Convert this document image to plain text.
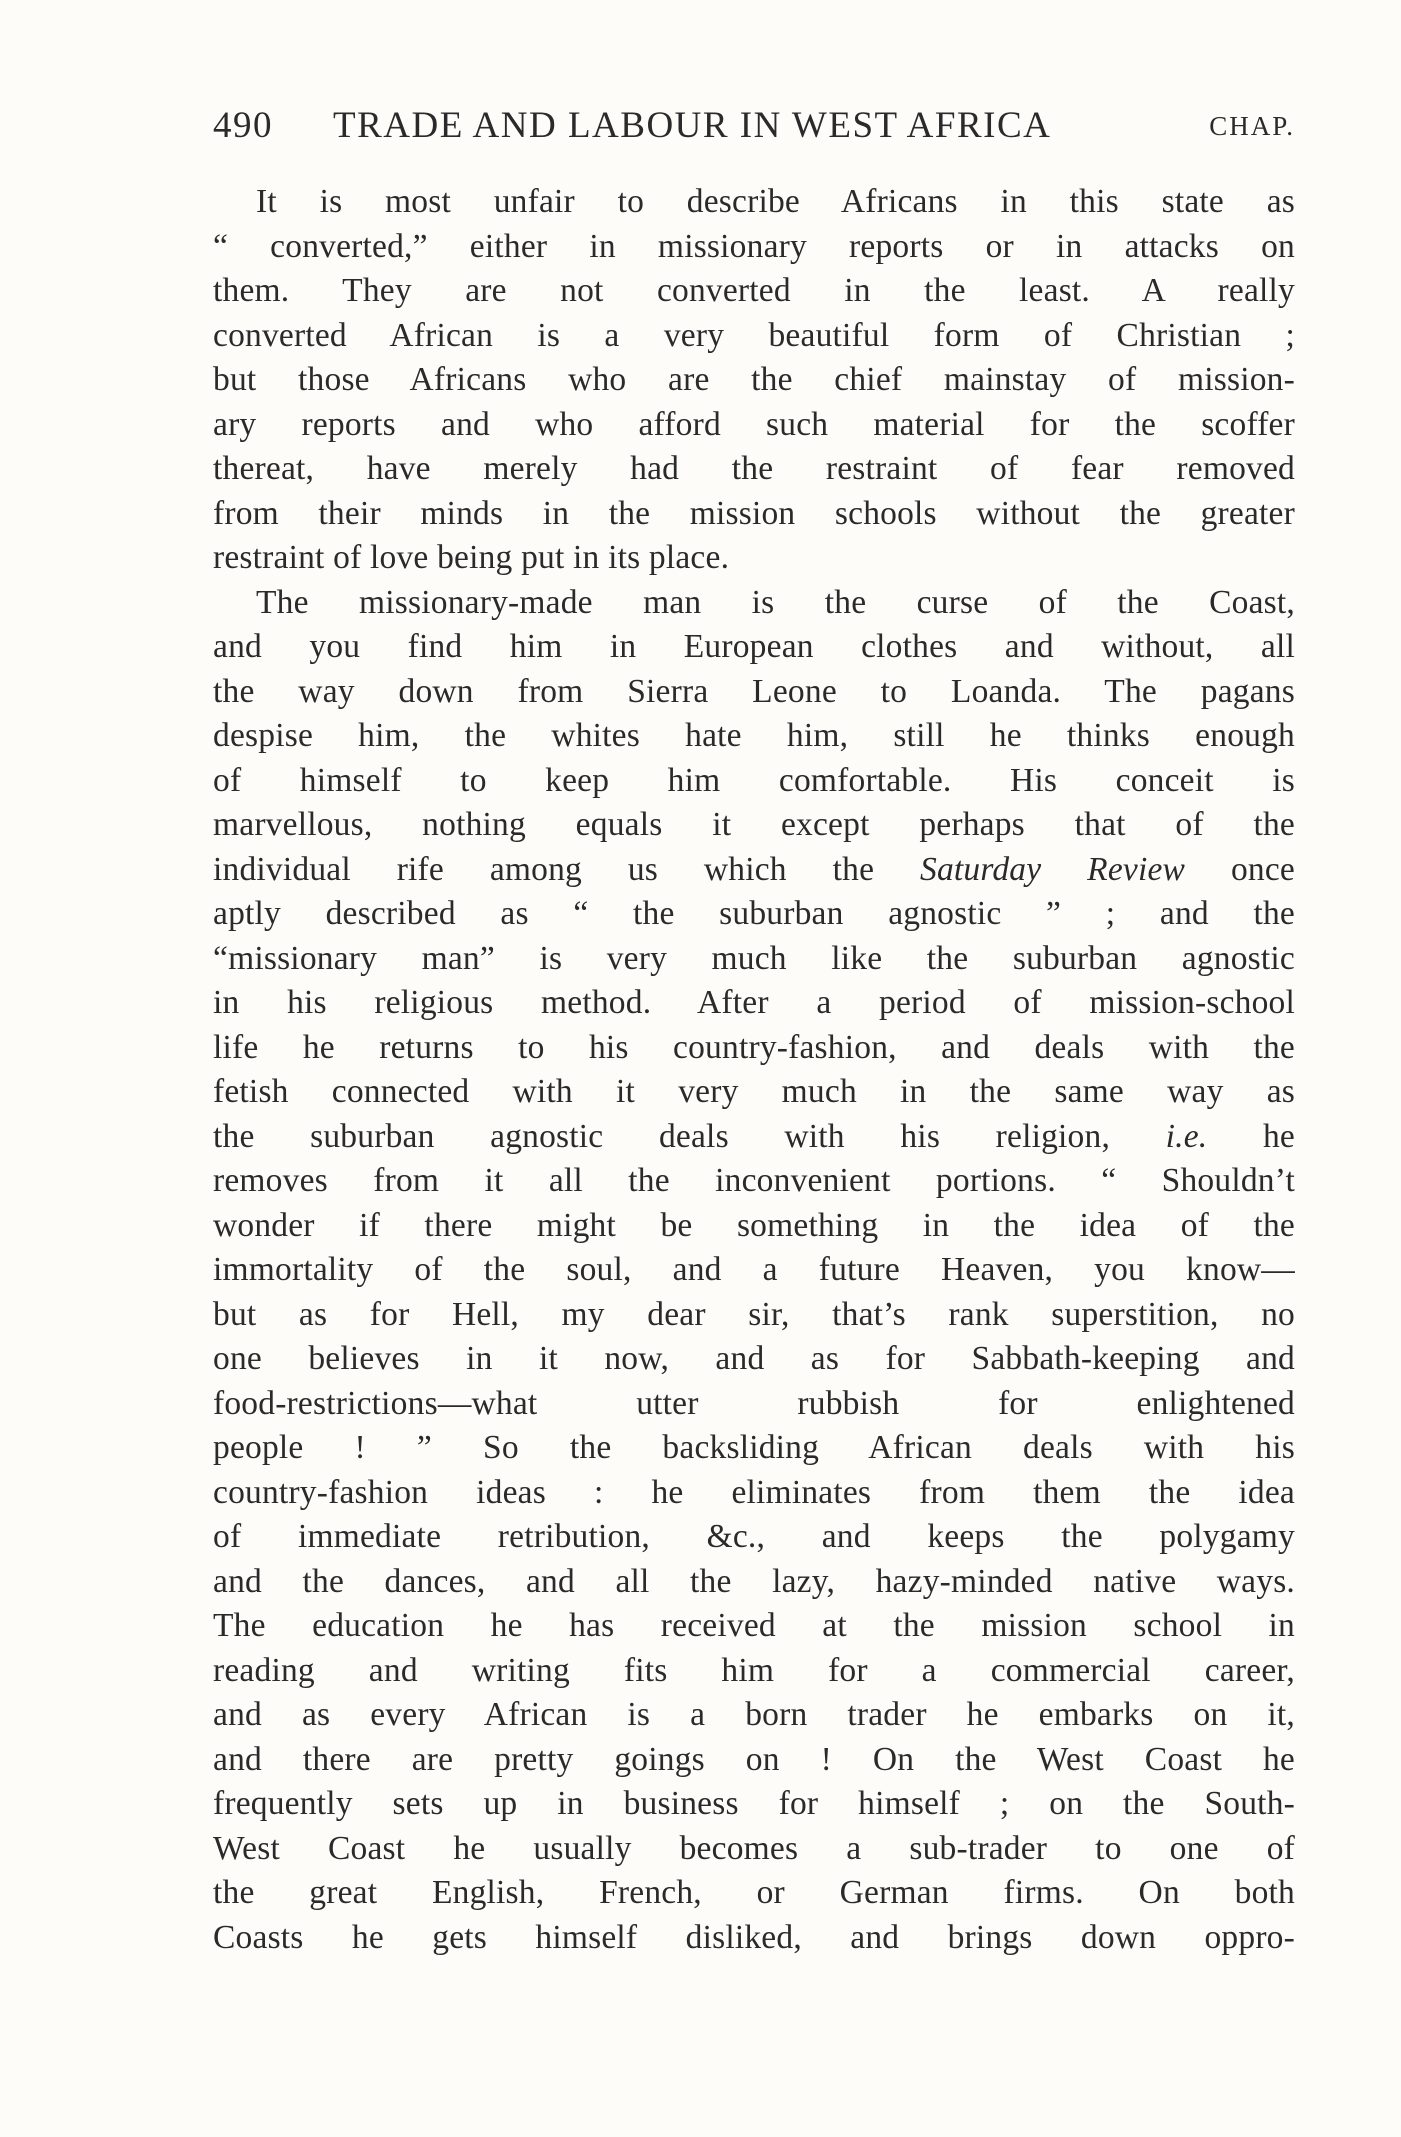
490 TRADE AND LABOUR IN WEST AFRICA	CHAP.
It is most unfair to describe Africans in this state as
“ converted,” either in missionary reports or in attacks on
them. They are not converted in the least. A really
converted African is a very beautiful form of Christian ;
but those Africans who are the chief mainstay of mission-
ary reports and who afford such material for the scoffer
thereat, have merely had the restraint of fear removed
from their minds in the mission schools without the greater
restraint of love being put in its place.
The missionary-made man is the curse of the Coast,
and you find him in European clothes and without, all
the way down from Sierra Leone to Loanda. The pagans
despise him, the whites hate him, still he thinks enough
of himself to keep him comfortable. His conceit is
marvellous, nothing equals it except perhaps that of the
individual rife among us which the Saturday Review once
aptly described as “ the suburban agnostic ” ; and the
“missionary man” is very much like the suburban agnostic
in his religious method. After a period of mission-school
life he returns to his country-fashion, and deals with the
fetish connected with it very much in the same way as
the suburban agnostic deals with his religion, i.e. he
removes from it all the inconvenient portions. “ Shouldn’t
wonder if there might be something in the idea of the
immortality of the soul, and a future Heaven, you know—
but as for Hell, my dear sir, that’s rank superstition, no
one believes in it now, and as for Sabbath-keeping and
food-restrictions—what utter rubbish for enlightened
people ! ” So the backsliding African deals with his
country-fashion ideas : he eliminates from them the idea
of immediate retribution, &c., and keeps the polygamy
and the dances, and all the lazy, hazy-minded native ways.
The education he has received at the mission school in
reading and writing fits him for a commercial career,
and as every African is a born trader he embarks on it,
and there are pretty goings on ! On the West Coast he
frequently sets up in business for himself ; on the South-
West Coast he usually becomes a sub-trader to one of
the great English, French, or German firms. On both
Coasts he gets himself disliked, and brings down oppro-
